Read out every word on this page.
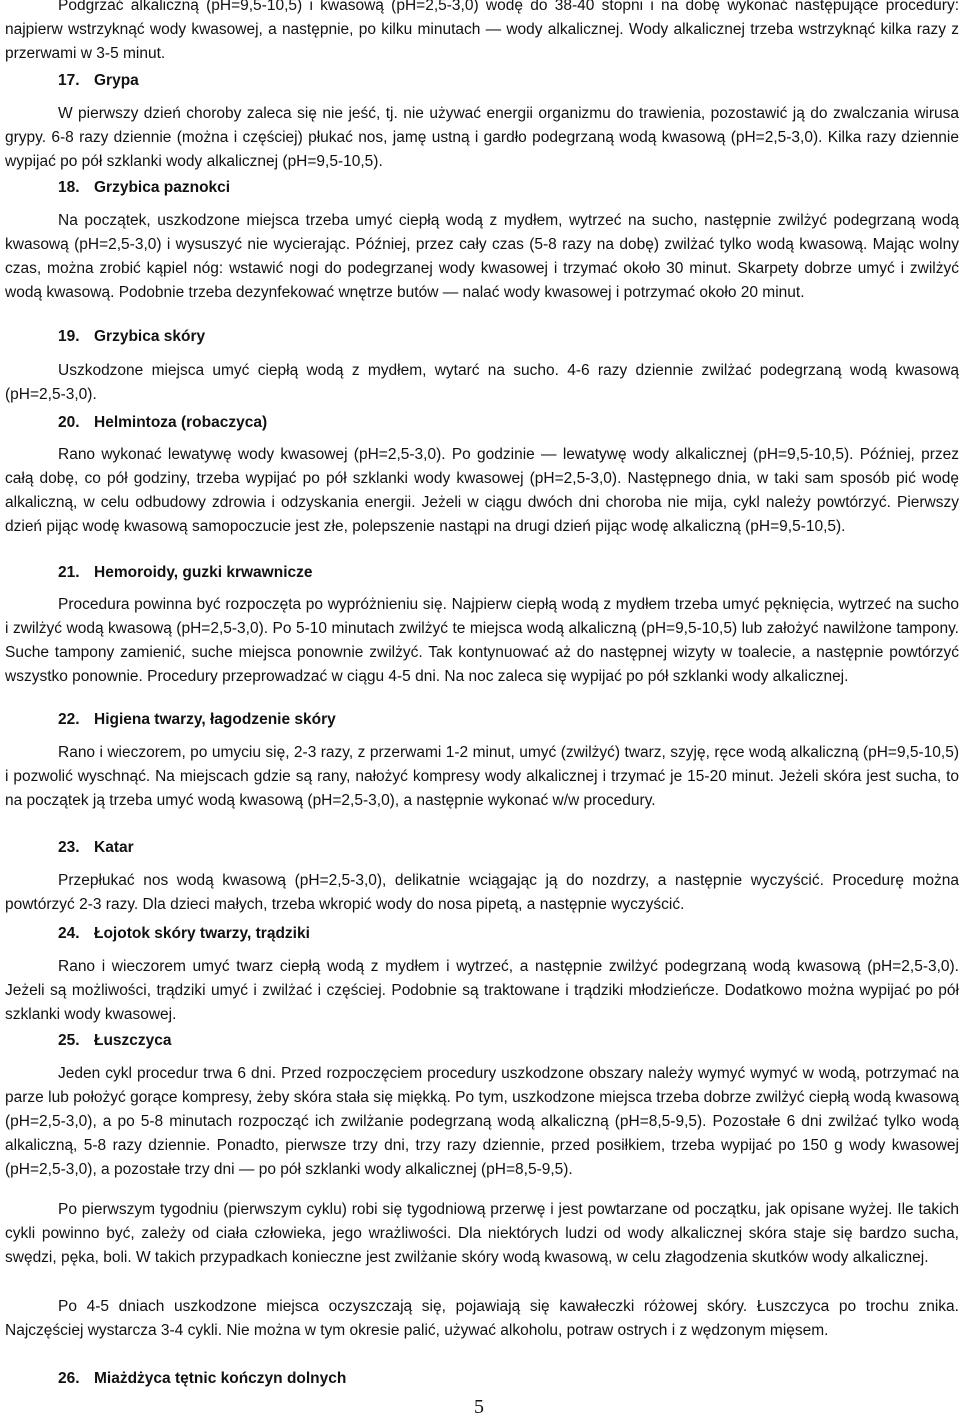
Podgrzać alkaliczną (pH=9,5-10,5) i kwasową (pH=2,5-3,0) wodę do 38-40 stopni i na dobę wykonać następujące procedury: najpierw wstrzyknąć wody kwasowej, a następnie, po kilku minutach — wody alkalicznej. Wody alkalicznej trzeba wstrzyknąć kilka razy z przerwami w 3-5 minut.

17. Grypa

W pierwszy dzień choroby zaleca się nie jeść, tj. nie używać energii organizmu do trawienia, pozostawić ją do zwalczania wirusa grypy. 6-8 razy dziennie (można i częściej) płukać nos, jamę ustną i gardło podegrzaną wodą kwasową (pH=2,5-3,0). Kilka razy dziennie wypijać po pół szklanki wody alkalicznej (pH=9,5-10,5).

18. Grzybica paznokci

Na początek, uszkodzone miejsca trzeba umyć ciepłą wodą z mydłem, wytrzeć na sucho, następnie zwilżyć podegrzaną wodą kwasową (pH=2,5-3,0) i wysuszyć nie wycierając. Później, przez cały czas (5-8 razy na dobę) zwilżać tylko wodą kwasową. Mając wolny czas, można zrobić kąpiel nóg: wstawić nogi do podegrzanej wody kwasowej i trzymać około 30 minut. Skarpety dobrze umyć i zwilżyć wodą kwasową. Podobnie trzeba dezynfekować wnętrze butów — nalać wody kwasowej i potrzymać około 20 minut.

19. Grzybica skóry

Uszkodzone miejsca umyć ciepłą wodą z mydłem, wytarć na sucho. 4-6 razy dziennie zwilżać podegrzaną wodą kwasową (pH=2,5-3,0).

20. Helmintoza (robaczyca)

Rano wykonać lewatywę wody kwasowej (pH=2,5-3,0). Po godzinie — lewatywę wody alkalicznej (pH=9,5-10,5). Później, przez całą dobę, co pół godziny, trzeba wypijać po pół szklanki wody kwasowej (pH=2,5-3,0). Następnego dnia, w taki sam sposób pić wodę alkaliczną, w celu odbudowy zdrowia i odzyskania energii. Jeżeli w ciągu dwóch dni choroba nie mija, cykl należy powtórzyć. Pierwszy dzień pijąc wodę kwasową samopoczucie jest złe, polepszenie nastąpi na drugi dzień pijąc wodę alkaliczną (pH=9,5-10,5).

21. Hemoroidy, guzki krwawnicze

Procedura powinna być rozpoczęta po wypróżnieniu się. Najpierw ciepłą wodą z mydłem trzeba umyć pęknięcia, wytrzeć na sucho i zwilżyć wodą kwasową (pH=2,5-3,0). Po 5-10 minutach zwilżyć te miejsca wodą alkaliczną (pH=9,5-10,5) lub założyć nawilżone tampony. Suche tampony zamienić, suche miejsca ponownie zwilżyć. Tak kontynuować aż do następnej wizyty w toalecie, a następnie powtórzyć wszystko ponownie. Procedury przeprowadzać w ciągu 4-5 dni. Na noc zaleca się wypijać po pół szklanki wody alkalicznej.

22. Higiena twarzy, łagodzenie skóry

Rano i wieczorem, po umyciu się, 2-3 razy, z przerwami 1-2 minut, umyć (zwilżyć) twarz, szyję, ręce wodą alkaliczną (pH=9,5-10,5) i pozwolić wyschnąć. Na miejscach gdzie są rany, nałożyć kompresy wody alkalicznej i trzymać je 15-20 minut. Jeżeli skóra jest sucha, to na początek ją trzeba umyć wodą kwasową (pH=2,5-3,0), a następnie wykonać w/w procedury.

23. Katar

Przepłukać nos wodą kwasową (pH=2,5-3,0), delikatnie wciągając ją do nozdrzy, a następnie wyczyścić. Procedurę można powtórzyć 2-3 razy. Dla dzieci małych, trzeba wkropić wody do nosa pipetą, a następnie wyczyścić.

24. Łojotok skóry twarzy, trądziki

Rano i wieczorem umyć twarz ciepłą wodą z mydłem i wytrzeć, a następnie zwilżyć podegrzaną wodą kwasową (pH=2,5-3,0). Jeżeli są możliwości, trądziki umyć i zwilżać i częściej. Podobnie są traktowane i trądziki młodzieńcze. Dodatkowo można wypijać po pół szklanki wody kwasowej.

25. Łuszczyca

Jeden cykl procedur trwa 6 dni. Przed rozpoczęciem procedury uszkodzone obszary należy wymyć wymyć w wodą, potrzymać na parze lub położyć gorące kompresy, żeby skóra stała się miękką. Po tym, uszkodzone miejsca trzeba dobrze zwilżyć ciepłą wodą kwasową (pH=2,5-3,0), a po 5-8 minutach rozpocząć ich zwilżanie podegrzaną wodą alkaliczną (pH=8,5-9,5). Pozostałe 6 dni zwilżać tylko wodą alkaliczną, 5-8 razy dziennie. Ponadto, pierwsze trzy dni, trzy razy dziennie, przed posiłkiem, trzeba wypijać po 150 g wody kwasowej (pH=2,5-3,0), a pozostałe trzy dni — po pół szklanki wody alkalicznej (pH=8,5-9,5).

Po pierwszym tygodniu (pierwszym cyklu) robi się tygodniową przerwę i jest powtarzane od początku, jak opisane wyżej. Ile takich cykli powinno być, zależy od ciała człowieka, jego wrażliwości. Dla niektórych ludzi od wody alkalicznej skóra staje się bardzo sucha, swędzi, pęka, boli. W takich przypadkach konieczne jest zwilżanie skóry wodą kwasową, w celu złagodzenia skutków wody alkalicznej.

Po 4-5 dniach uszkodzone miejsca oczyszczają się, pojawiają się kawałeczki różowej skóry. Łuszczyca po trochu znika. Najczęściej wystarcza 3-4 cykli. Nie można w tym okresie palić, używać alkoholu, potraw ostrych i z wędzonym mięsem.

26. Miażdżyca tętnic kończyn dolnych
5
